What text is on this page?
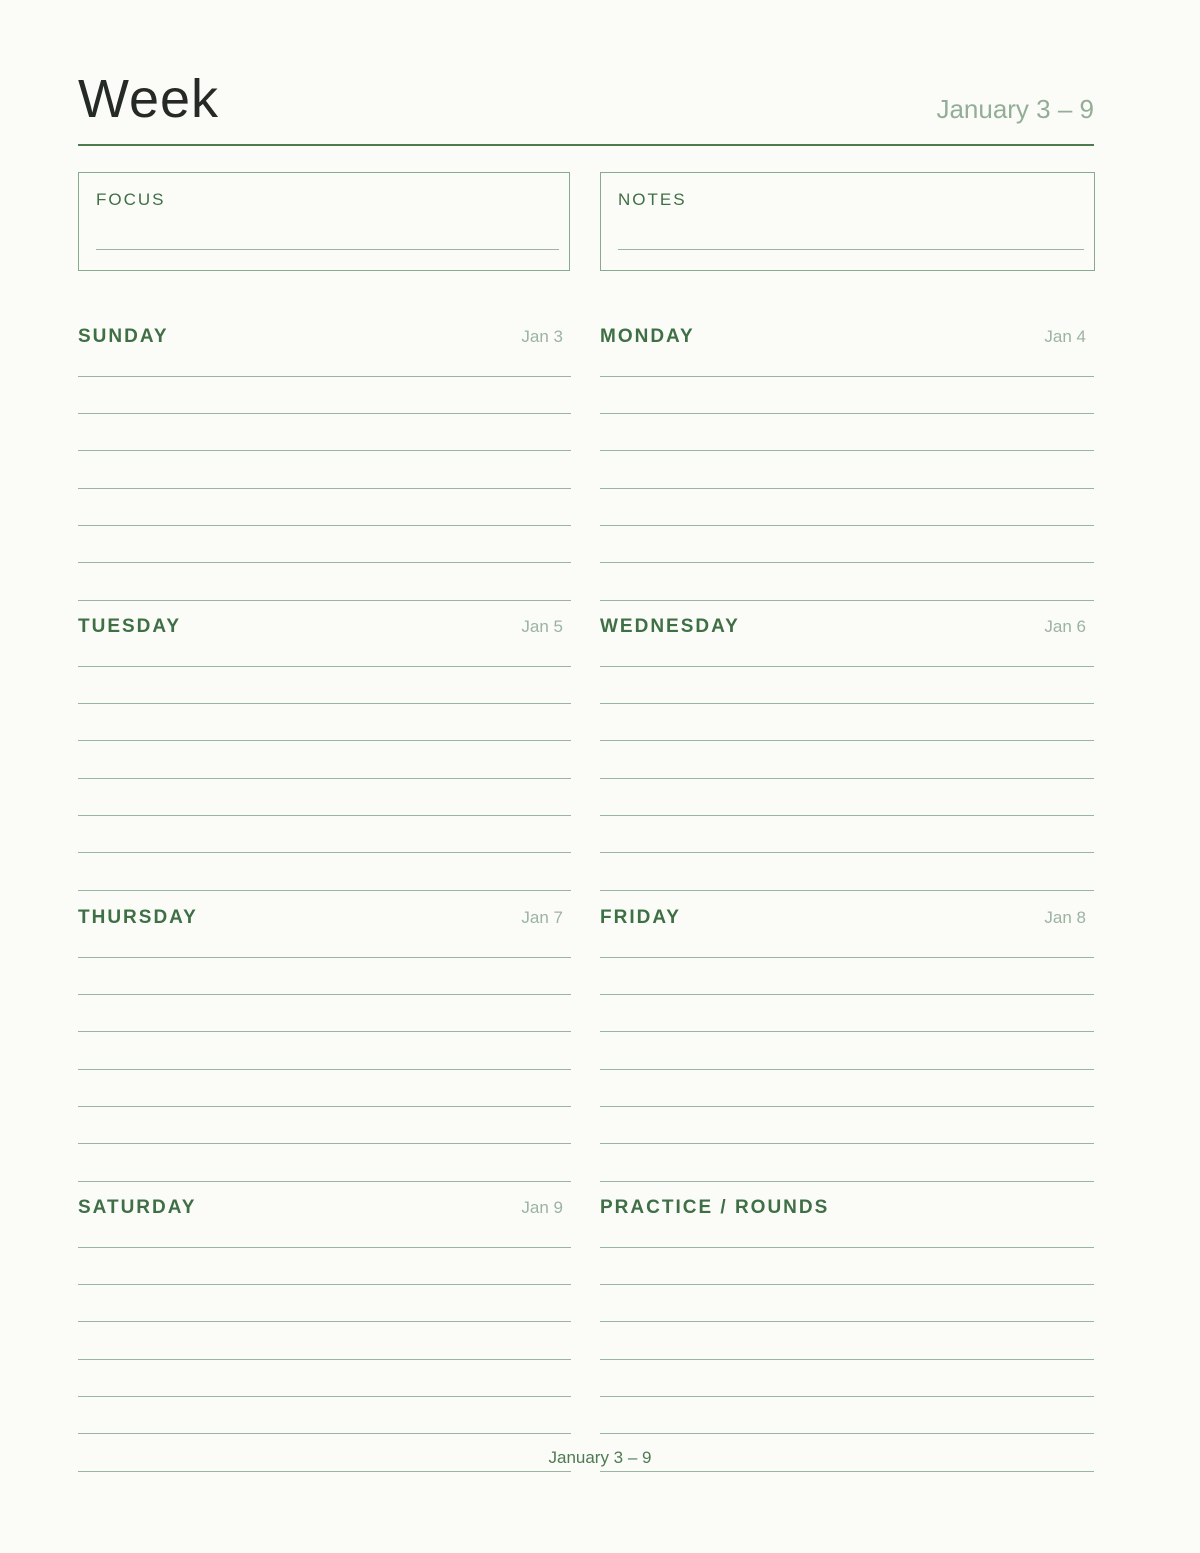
Week	January 3 – 9
FOCUS	NOTES
SUNDAY	Jan 3 MONDAY	Jan 4
TUESDAY	Jan 5 WEDNESDAY	Jan 6
THURSDAY	Jan 7 FRIDAY	Jan 8
SATURDAY	Jan 9 PRACTICE / ROUNDS
January 3 – 9
